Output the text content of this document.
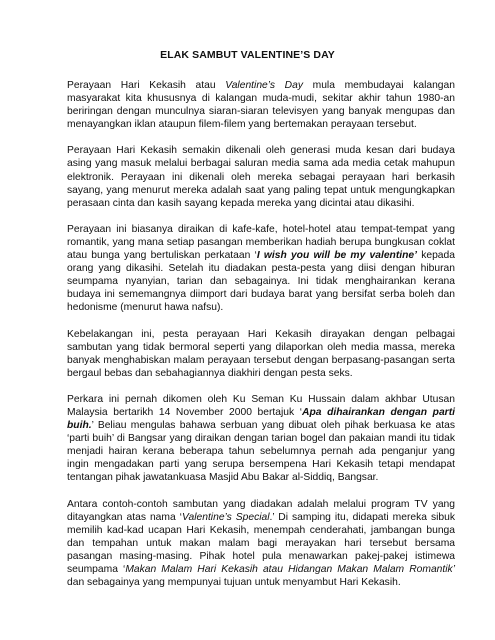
ELAK SAMBUT VALENTINE’S DAY

Perayaan Hari Kekasih atau Valentine’s Day mula membudayai kalangan masyarakat kita khususnya di kalangan muda-mudi, sekitar akhir tahun 1980-an beriringan dengan munculnya siaran-siaran televisyen yang banyak mengupas dan menayangkan iklan ataupun filem-filem yang bertemakan perayaan tersebut.

Perayaan Hari Kekasih semakin dikenali oleh generasi muda kesan dari budaya asing yang masuk melalui berbagai saluran media sama ada media cetak mahupun elektronik. Perayaan ini dikenali oleh mereka sebagai perayaan hari berkasih sayang, yang menurut mereka adalah saat yang paling tepat untuk mengungkapkan perasaan cinta dan kasih sayang kepada mereka yang dicintai atau dikasihi.

Perayaan ini biasanya diraikan di kafe-kafe, hotel-hotel atau tempat-tempat yang romantik, yang mana setiap pasangan memberikan hadiah berupa bungkusan coklat atau bunga yang bertuliskan perkataan ‘I wish you will be my valentine’ kepada orang yang dikasihi. Setelah itu diadakan pesta-pesta yang diisi dengan hiburan seumpama nyanyian, tarian dan sebagainya. Ini tidak menghairankan kerana budaya ini sememangnya diimport dari budaya barat yang bersifat serba boleh dan hedonisme (menurut hawa nafsu).

Kebelakangan ini, pesta perayaan Hari Kekasih dirayakan dengan pelbagai sambutan yang tidak bermoral seperti yang dilaporkan oleh media massa, mereka banyak menghabiskan malam perayaan tersebut dengan berpasang-pasangan serta bergaul bebas dan sebahagiannya diakhiri dengan pesta seks.

Perkara ini pernah dikomen oleh Ku Seman Ku Hussain dalam akhbar Utusan Malaysia bertarikh 14 November 2000 bertajuk ‘Apa dihairankan dengan parti buih.’ Beliau mengulas bahawa serbuan yang dibuat oleh pihak berkuasa ke atas ‘parti buih’ di Bangsar yang diraikan dengan tarian bogel dan pakaian mandi itu tidak menjadi hairan kerana beberapa tahun sebelumnya pernah ada penganjur yang ingin mengadakan parti yang serupa bersempena Hari Kekasih tetapi mendapat tentangan pihak jawatankuasa Masjid Abu Bakar al-Siddiq, Bangsar.

Antara contoh-contoh sambutan yang diadakan adalah melalui program TV yang ditayangkan atas nama ‘Valentine’s Special.’ Di samping itu, didapati mereka sibuk memilih kad-kad ucapan Hari Kekasih, menempah cenderahati, jambangan bunga dan tempahan untuk makan malam bagi merayakan hari tersebut bersama pasangan masing-masing. Pihak hotel pula menawarkan pakej-pakej istimewa seumpama ‘Makan Malam Hari Kekasih atau Hidangan Makan Malam Romantik’ dan sebagainya yang mempunyai tujuan untuk menyambut Hari Kekasih.
